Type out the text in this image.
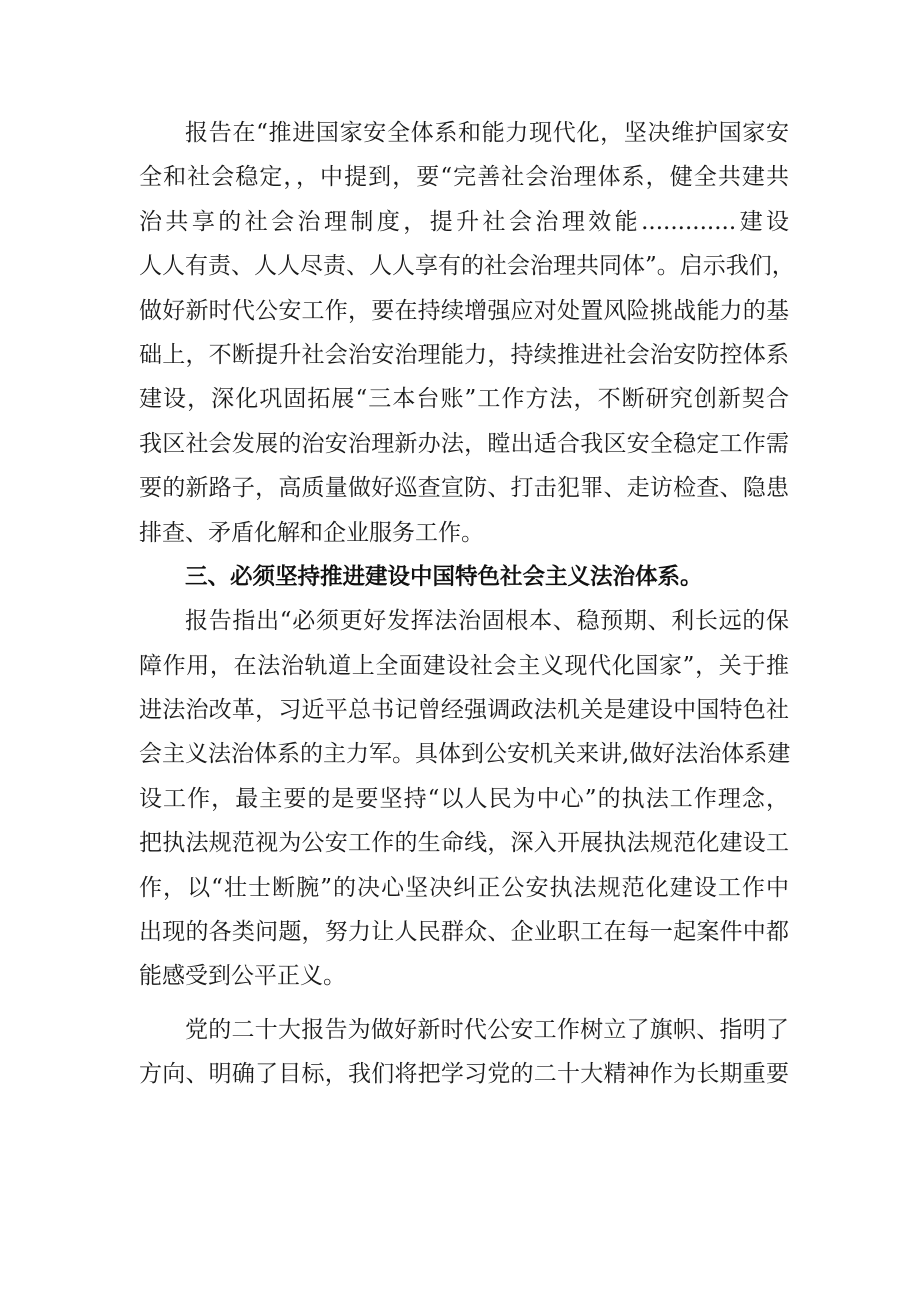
报告在“推进国家安全体系和能力现代化，坚决维护国家安
全和社会稳定，，中提到，要“完善社会治理体系，健全共建共
治共享的社会治理制度，提升社会治理效能.............建设
人人有责、人人尽责、人人享有的社会治理共同体”。启示我们，
做好新时代公安工作，要在持续增强应对处置风险挑战能力的基
础上，不断提升社会治安治理能力，持续推进社会治安防控体系
建设，深化巩固拓展“三本台账”工作方法，不断研究创新契合
我区社会发展的治安治理新办法，瞠出适合我区安全稳定工作需
要的新路子，高质量做好巡查宣防、打击犯罪、走访检查、隐患
排查、矛盾化解和企业服务工作。
三、必须坚持推进建设中国特色社会主义法治体系。
报告指出“必须更好发挥法治固根本、稳预期、利长远的保
障作用，在法治轨道上全面建设社会主义现代化国家”，关于推
进法治改革，习近平总书记曾经强调政法机关是建设中国特色社
会主义法治体系的主力军。具体到公安机关来讲,做好法治体系建
设工作，最主要的是要坚持“以人民为中心”的执法工作理念，
把执法规范视为公安工作的生命线，深入开展执法规范化建设工
作，以“壮士断腕”的决心坚决纠正公安执法规范化建设工作中
出现的各类问题，努力让人民群众、企业职工在每一起案件中都
能感受到公平正义。
党的二十大报告为做好新时代公安工作树立了旗帜、指明了
方向、明确了目标，我们将把学习党的二十大精神作为长期重要
